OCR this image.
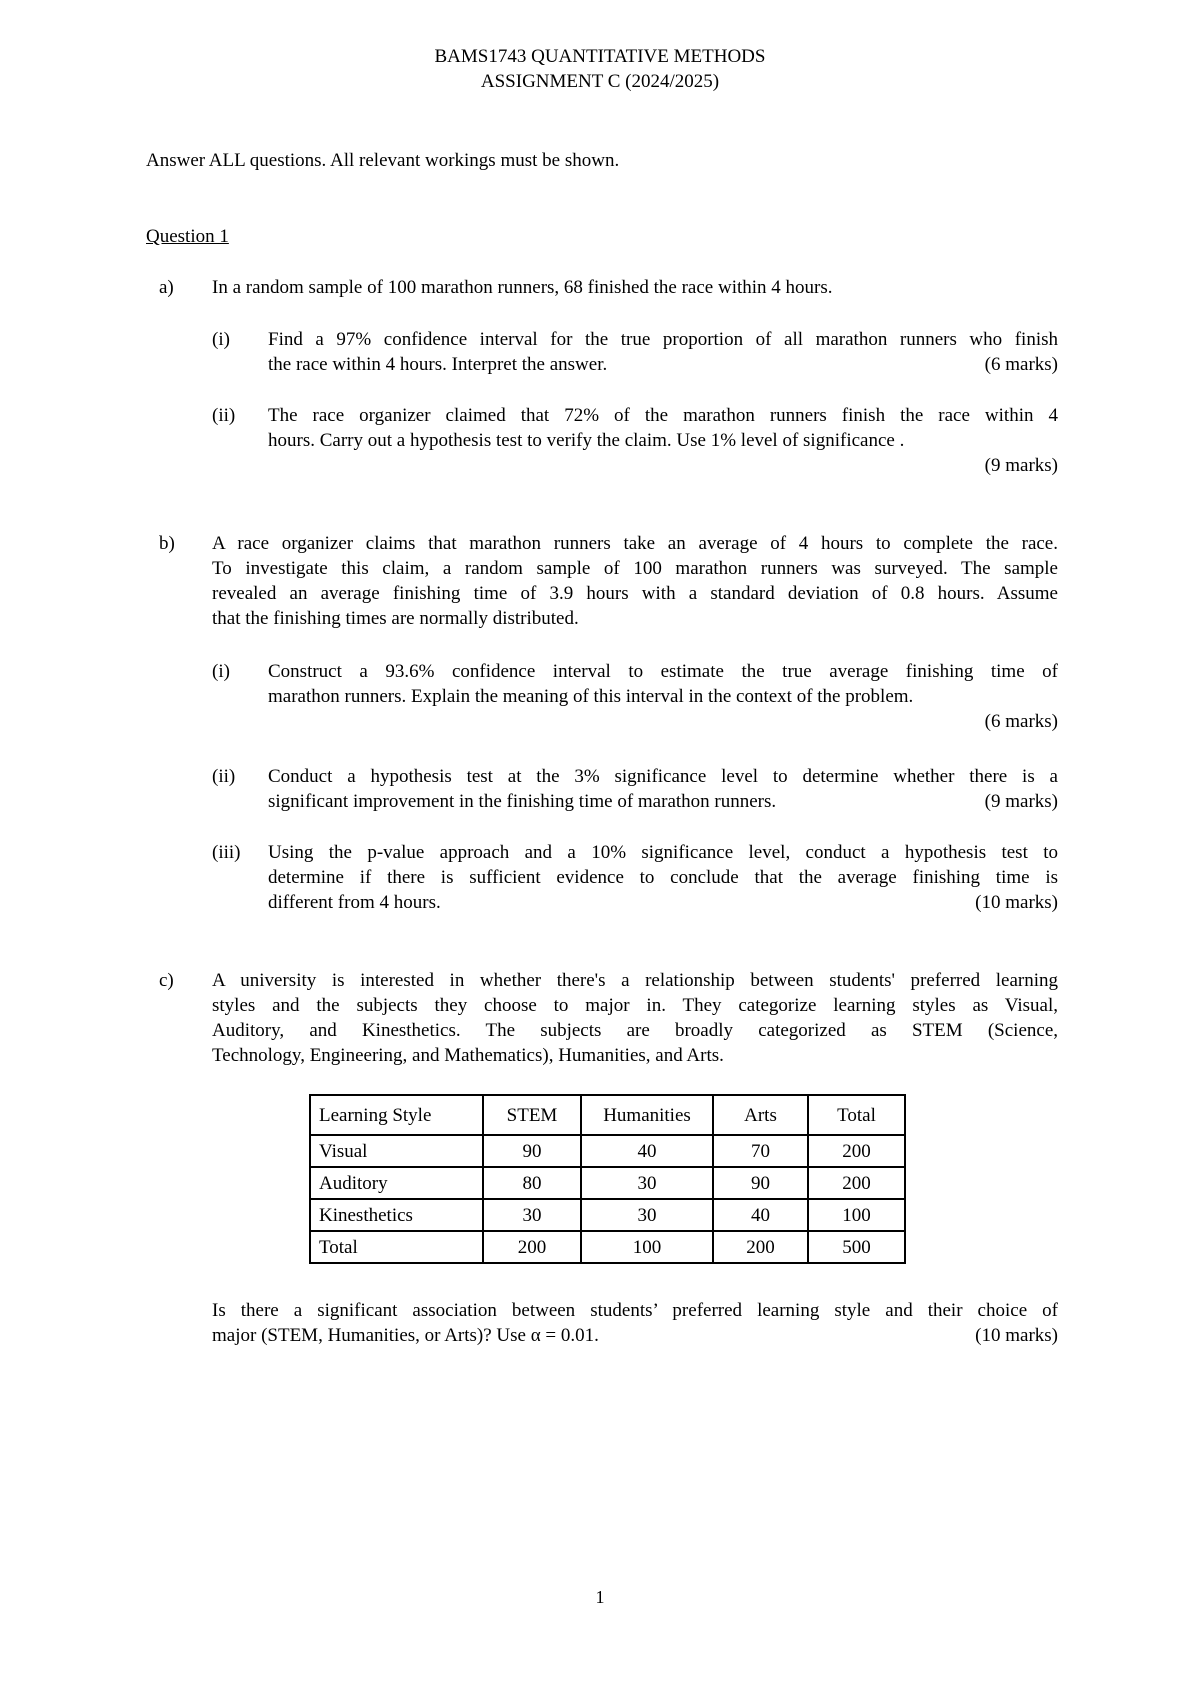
BAMS1743 QUANTITATIVE METHODS
ASSIGNMENT C (2024/2025)
Answer ALL questions. All relevant workings must be shown.
Question 1
a) In a random sample of 100 marathon runners, 68 finished the race within 4 hours.
(i) Find a 97% confidence interval for the true proportion of all marathon runners who finish
the race within 4 hours. Interpret the answer.	(6 marks)
(ii) The race organizer claimed that 72% of the marathon runners finish the race within 4
hours. Carry out a hypothesis test to verify the claim. Use 1% level of significance .
(9 marks)
b) A race organizer claims that marathon runners take an average of 4 hours to complete the race.
To investigate this claim, a random sample of 100 marathon runners was surveyed. The sample
revealed an average finishing time of 3.9 hours with a standard deviation of 0.8 hours. Assume
that the finishing times are normally distributed.
(i) Construct a 93.6% confidence interval to estimate the true average finishing time of
marathon runners. Explain the meaning of this interval in the context of the problem.
(6 marks)
(ii) Conduct a hypothesis test at the 3% significance level to determine whether there is a
significant improvement in the finishing time of marathon runners.	(9 marks)
(iii) Using the p-value approach and a 10% significance level, conduct a hypothesis test to
determine if there is sufficient evidence to conclude that the average finishing time is
different from 4 hours.	(10 marks)
c) A university is interested in whether there's a relationship between students' preferred learning
styles and the subjects they choose to major in. They categorize learning styles as Visual,
Auditory, and Kinesthetics. The subjects are broadly categorized as STEM (Science,
Technology, Engineering, and Mathematics), Humanities, and Arts.
Learning Style	STEM	Humanities	Arts	Total
Visual	90	40	70	200
Auditory	80	30	90	200
Kinesthetics	30	30	40	100
Total	200	100	200	500
Is there a significant association between students’ preferred learning style and their choice of
major (STEM, Humanities, or Arts)? Use α = 0.01.	(10 marks)
1
